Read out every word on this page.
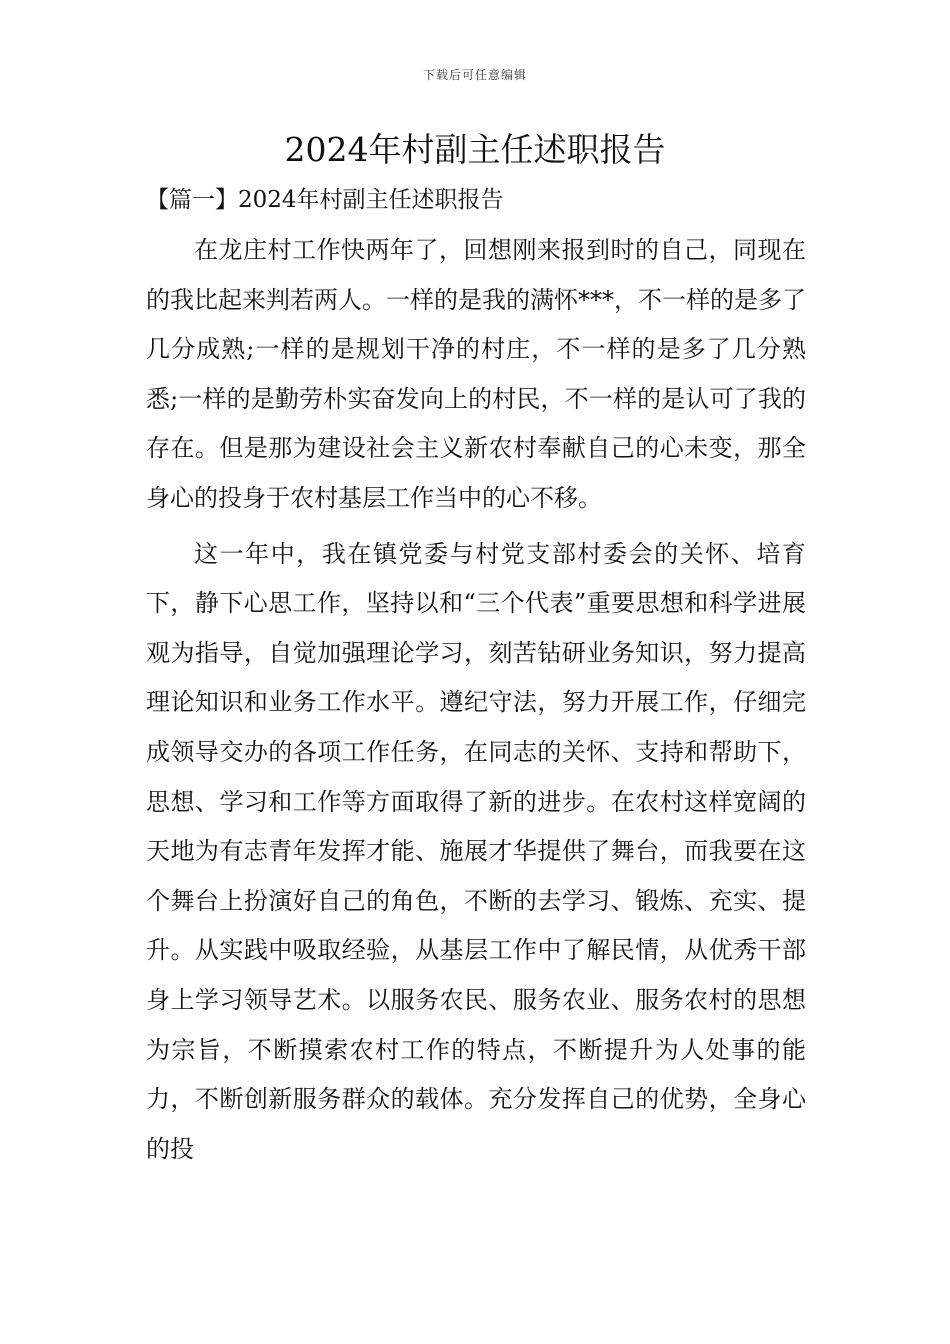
下载后可任意编辑
2024年村副主任述职报告
【篇一】2024年村副主任述职报告

在龙庄村工作快两年了，回想刚来报到时的自己，同现在的我比起来判若两人。一样的是我的满怀***，不一样的是多了几分成熟;一样的是规划干净的村庄，不一样的是多了几分熟悉;一样的是勤劳朴实奋发向上的村民，不一样的是认可了我的存在。但是那为建设社会主义新农村奉献自己的心未变，那全身心的投身于农村基层工作当中的心不移。

这一年中，我在镇党委与村党支部村委会的关怀、培育下，静下心思工作，坚持以和“三个代表”重要思想和科学进展观为指导，自觉加强理论学习，刻苦钻研业务知识，努力提高理论知识和业务工作水平。遵纪守法，努力开展工作，仔细完成领导交办的各项工作任务，在同志的关怀、支持和帮助下，思想、学习和工作等方面取得了新的进步。在农村这样宽阔的天地为有志青年发挥才能、施展才华提供了舞台，而我要在这个舞台上扮演好自己的角色，不断的去学习、锻炼、充实、提升。从实践中吸取经验，从基层工作中了解民情，从优秀干部身上学习领导艺术。以服务农民、服务农业、服务农村的思想为宗旨，不断摸索农村工作的特点，不断提升为人处事的能力，不断创新服务群众的载体。充分发挥自己的优势，全身心的投
